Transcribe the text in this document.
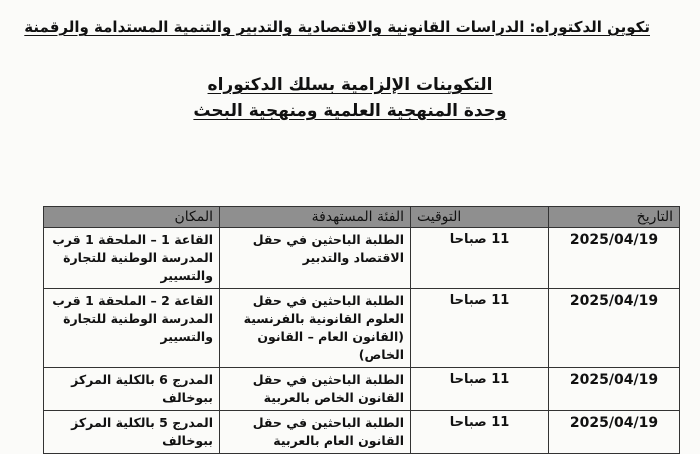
تكوين الدكتوراه: الدراسات القانونية والاقتصادية والتدبير والتنمية المستدامة والرقمنة
التكوينات الإلزامية بسلك الدكتوراه
وحدة المنهجية العلمية ومنهجية البحث
التاريخ	التوقيت	الفئة المستهدفة	المكان
2025/04/19	11 صباحا	الطلبة الباحثين في حقل الاقتصاد والتدبير	القاعة 1 – الملحقة 1 قرب المدرسة الوطنية للتجارة والتسيير
2025/04/19	11 صباحا	الطلبة الباحثين في حقل العلوم القانونية بالفرنسية (القانون العام – القانون الخاص)	القاعة 2 – الملحقة 1 قرب المدرسة الوطنية للتجارة والتسيير
2025/04/19	11 صباحا	الطلبة الباحثين في حقل القانون الخاص بالعربية	المدرج 6 بالكلية المركز ببوخالف
2025/04/19	11 صباحا	الطلبة الباحثين في حقل القانون العام بالعربية	المدرج 5 بالكلية المركز ببوخالف
